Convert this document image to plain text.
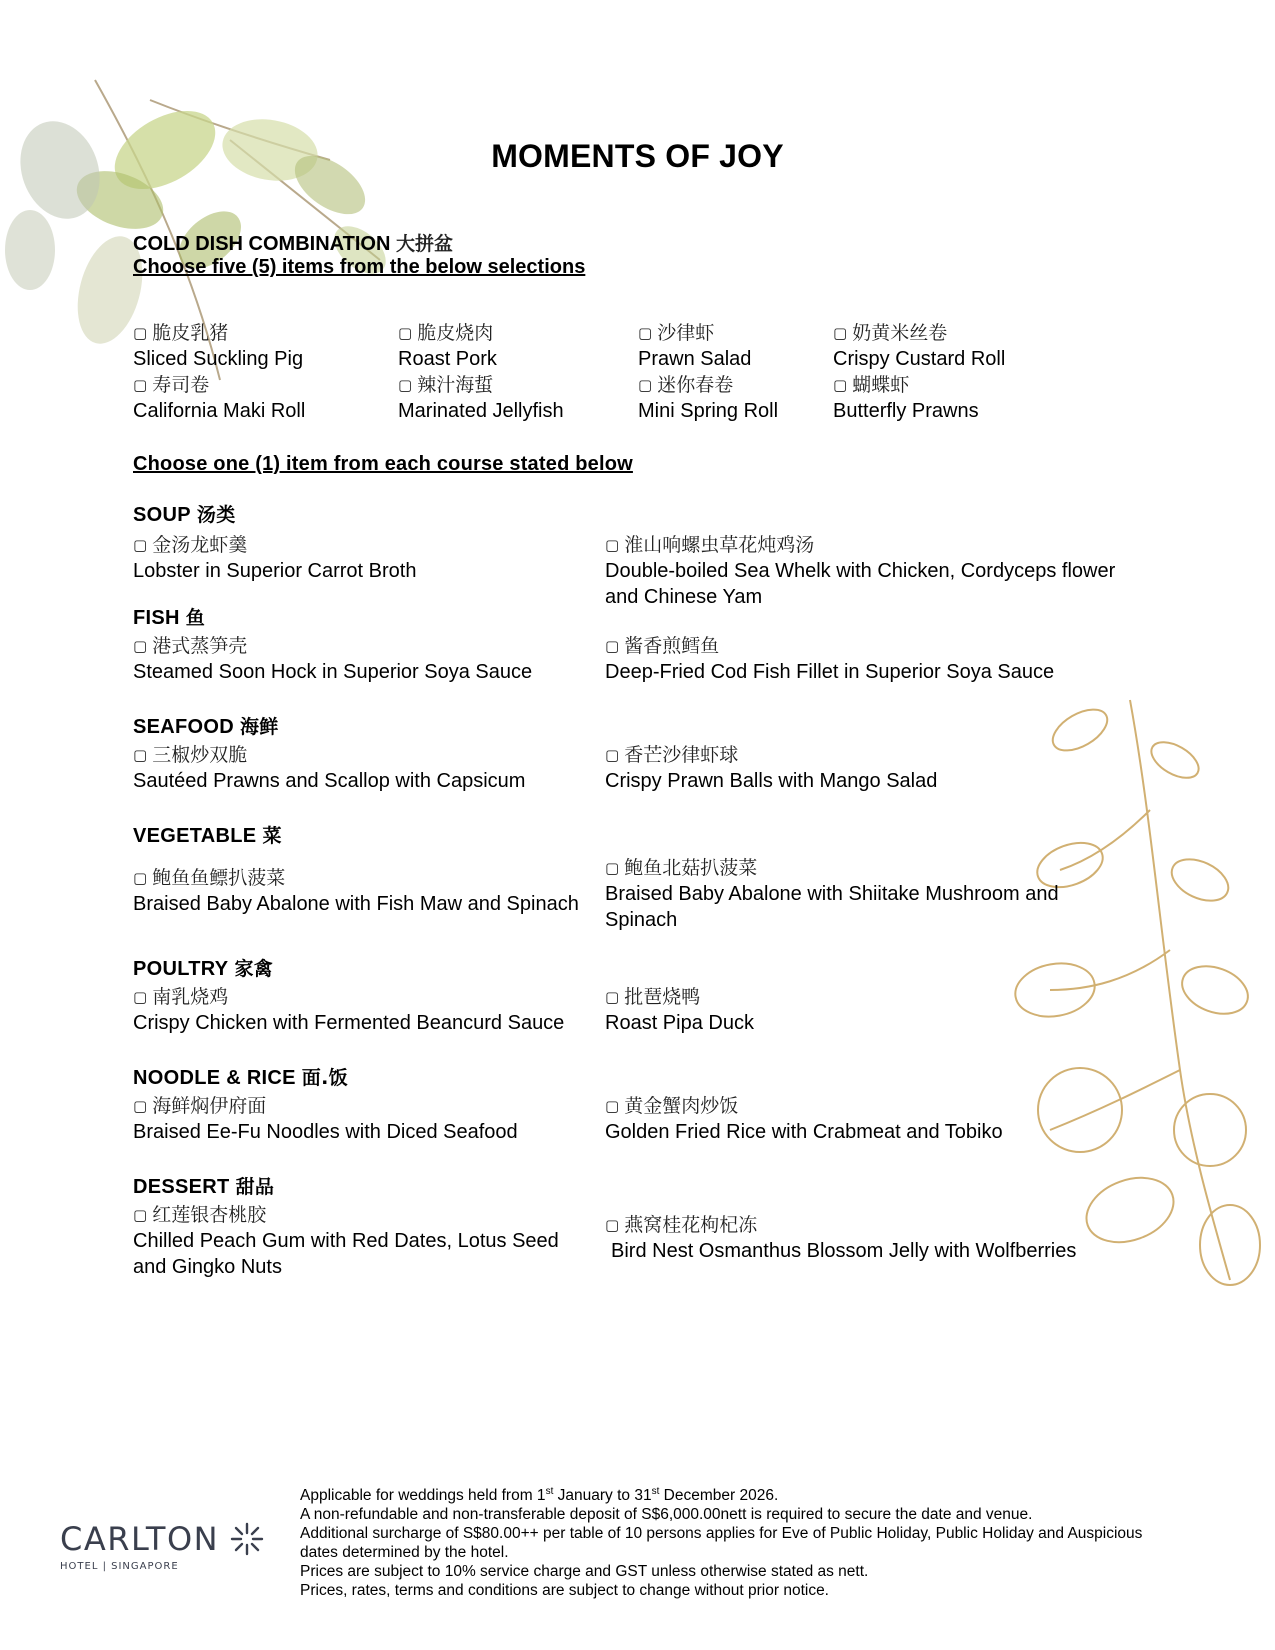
MOMENTS OF JOY
COLD DISH COMBINATION 大拼盆
Choose five (5) items from the below selections
▢ 脆皮乳猪
Sliced Suckling Pig
▢ 脆皮烧肉
Roast Pork
▢ 沙律虾
Prawn Salad
▢ 奶黄米丝卷
Crispy Custard Roll
▢ 寿司卷
California Maki Roll
▢ 辣汁海蜇
Marinated Jellyfish
▢ 迷你春卷
Mini Spring Roll
▢ 蝴蝶虾
Butterfly Prawns
Choose one (1) item from each course stated below
SOUP 汤类
▢ 金汤龙虾羹
Lobster in Superior Carrot Broth
▢ 淮山响螺虫草花炖鸡汤
Double-boiled Sea Whelk with Chicken, Cordyceps flower and Chinese Yam
FISH 鱼
▢ 港式蒸笋壳
Steamed Soon Hock in Superior Soya Sauce
▢ 酱香煎鳕鱼
Deep-Fried Cod Fish Fillet in Superior Soya Sauce
SEAFOOD 海鲜
▢ 三椒炒双脆
Sautéed Prawns and Scallop with Capsicum
▢ 香芒沙律虾球
Crispy Prawn Balls with Mango Salad
VEGETABLE 菜
▢ 鲍鱼鱼鳔扒菠菜
Braised Baby Abalone with Fish Maw and Spinach
▢ 鲍鱼北菇扒菠菜
Braised Baby Abalone with Shiitake Mushroom and Spinach
POULTRY 家禽
▢ 南乳烧鸡
Crispy Chicken with Fermented Beancurd Sauce
▢ 批琶烧鸭
Roast Pipa Duck
NOODLE & RICE 面.饭
▢ 海鲜焖伊府面
Braised Ee-Fu Noodles with Diced Seafood
▢ 黄金蟹肉炒饭
Golden Fried Rice with Crabmeat and Tobiko
DESSERT 甜品
▢ 红莲银杏桃胶
Chilled Peach Gum with Red Dates, Lotus Seed and Gingko Nuts
▢ 燕窝桂花枸杞冻
Bird Nest Osmanthus Blossom Jelly with Wolfberries

Applicable for weddings held from 1st January to 31st December 2026.

A non-refundable and non-transferable deposit of S$6,000.00nett is required to secure the date and venue.

Additional surcharge of S$80.00++ per table of 10 persons applies for Eve of Public Holiday, Public Holiday and Auspicious dates determined by the hotel.

Prices are subject to 10% service charge and GST unless otherwise stated as nett.

Prices, rates, terms and conditions are subject to change without prior notice.

CARLTON
HOTEL | SINGAPORE
